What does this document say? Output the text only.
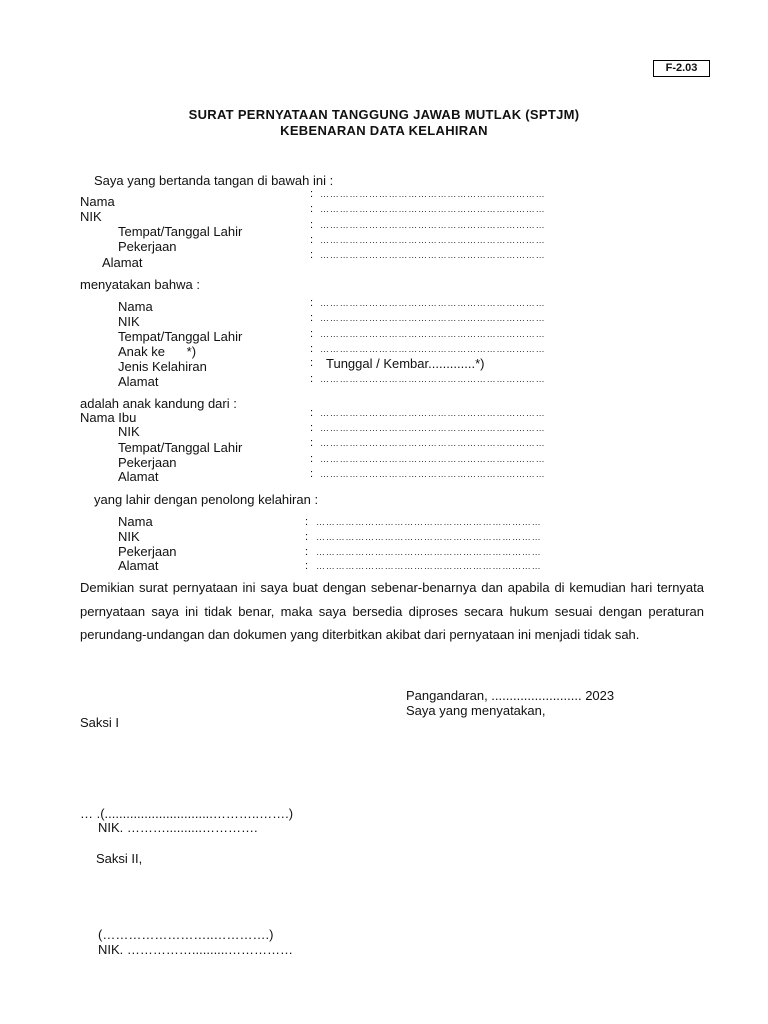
F-2.03
SURAT PERNYATAAN TANGGUNG JAWAB MUTLAK (SPTJM)
KEBENARAN DATA KELAHIRAN
Saya yang bertanda tangan di bawah ini :
Nama
NIK
Tempat/Tanggal Lahir
Pekerjaan
Alamat
: ……………………………………………………………
: ……………………………………………………………
: ……………………………………………………………
: ……………………………………………………………
: ……………………………………………………………
menyatakan bahwa :
Nama
NIK
Tempat/Tanggal Lahir
Anak ke      *)
Jenis Kelahiran
Alamat
: ……………………………………………………………
: ……………………………………………………………
: ……………………………………………………………
: ……………………………………………………………
: Tunggal / Kembar.............*)
: ……………………………………………………………
adalah anak kandung dari :
Nama Ibu
NIK
Tempat/Tanggal Lahir
Pekerjaan
Alamat
: ……………………………………………………………
: ……………………………………………………………
: ……………………………………………………………
: ……………………………………………………………
: ……………………………………………………………
yang lahir dengan penolong kelahiran :
Nama
NIK
Pekerjaan
Alamat
: ……………………………………………………………
: ……………………………………………………………
: ……………………………………………………………
: ……………………………………………………………
Demikian surat pernyataan ini saya buat dengan sebenar-benarnya dan apabila di kemudian hari ternyata pernyataan saya ini tidak benar, maka saya bersedia diproses secara hukum sesuai dengan peraturan perundang-undangan dan dokumen yang diterbitkan akibat dari pernyataan ini menjadi tidak sah.
Pangandaran, ......................... 2023
Saya yang menyatakan,
Saksi I
… .(..............................………..…….)
NIK. ………..........………….
Saksi II,
(……………………..………….)
NIK. ……………..........……………
